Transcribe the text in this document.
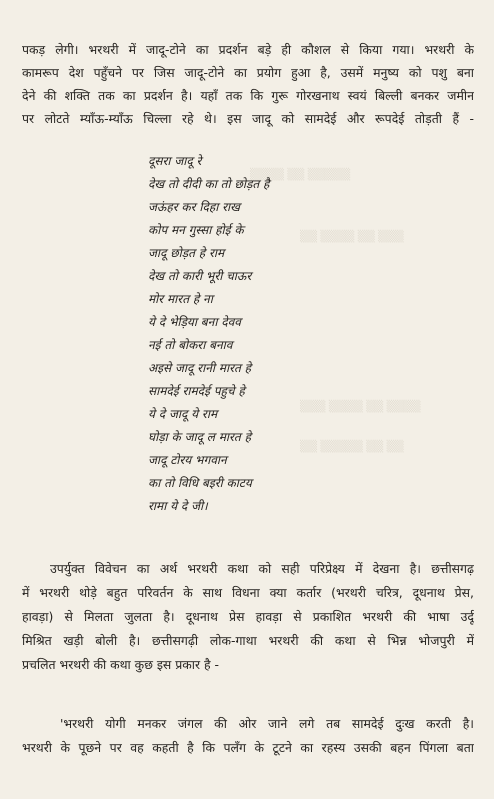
▒▒▒▒ ▒▒ ▒▒▒▒▒
▒▒ ▒▒▒▒ ▒▒ ▒▒▒
▒▒▒ ▒▒▒▒ ▒▒ ▒▒▒▒
▒▒ ▒▒▒▒▒ ▒▒ ▒▒
पकड़ लेगी। भरथरी में जादू-टोने का प्रदर्शन बड़े ही कौशल से किया गया। भरथरी के
कामरूप देश पहुँचने पर जिस जादू-टोने का प्रयोग हुआ है, उसमें मनुष्य को पशु बना
देने की शक्ति तक का प्रदर्शन है। यहाँ तक कि गुरू गोरखनाथ स्वयं बिल्ली बनकर जमीन
पर लोटते म्याँऊ-म्याँऊ चिल्ला रहे थे। इस जादू को सामदेई और रूपदेई तोड़ती हैं -
दूसरा जादू रे
देख तो दीदी का तो छोड़त है
जऊंहर कर दिहा राख
कोप मन गुस्सा होई के
जादू छोड़त हे राम
देख तो कारी भूरी चाऊर
मोर मारत हे ना
ये दे भेड़िया बना देवव
नई तो बोकरा बनाव
अइसे जादू रानी मारत हे
सामदेई रामदेई पहुचे हे
ये दे जादू ये राम
घोड़ा के जादू ल मारत हे
जादू टोरय भगवान
का तो विधि बइरी काटय
रामा ये दे जी।
उपर्युक्त विवेचन का अर्थ भरथरी कथा को सही परिप्रेक्ष्य में देखना है। छत्तीसगढ़
में भरथरी थोड़े बहुत परिवर्तन के साथ विधना क्या कर्तार (भरथरी चरित्र, दूधनाथ प्रेस,
हावड़ा) से मिलता जुलता है। दूधनाथ प्रेस हावड़ा से प्रकाशित भरथरी की भाषा उर्दू
मिश्रित खड़ी बोली है। छत्तीसगढ़ी लोक-गाथा भरथरी की कथा से भिन्न भोजपुरी में
प्रचलित भरथरी की कथा कुछ इस प्रकार है -
'भरथरी योगी मनकर जंगल की ओर जाने लगे तब सामदेई दुःख करती है।
भरथरी के पूछने पर वह कहती है कि पलँग के टूटने का रहस्य उसकी बहन पिंगला बता
